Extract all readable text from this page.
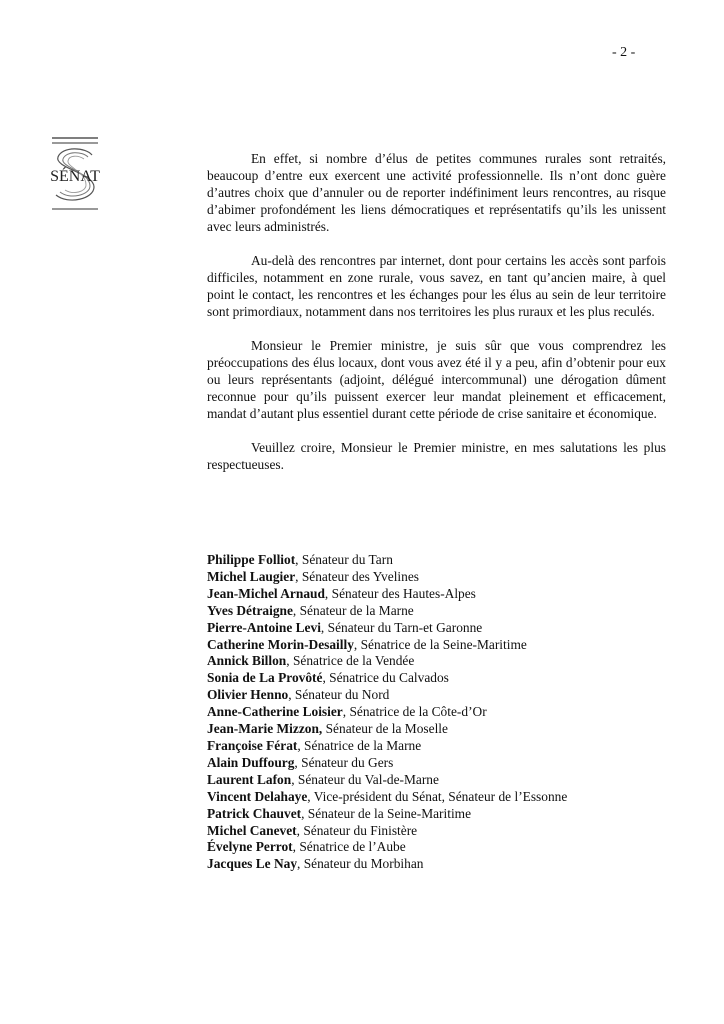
- 2 -
SÉNAT

En effet, si nombre d’élus de petites communes rurales sont retraités, beaucoup d’entre eux exercent une activité professionnelle. Ils n’ont donc guère d’autres choix que d’annuler ou de reporter indéfiniment leurs rencontres, au risque d’abimer profondément les liens démocratiques et représentatifs qu’ils les unissent avec leurs administrés.

Au-delà des rencontres par internet, dont pour certains les accès sont parfois difficiles, notamment en zone rurale, vous savez, en tant qu’ancien maire, à quel point le contact, les rencontres et les échanges pour les élus au sein de leur territoire sont primordiaux, notamment dans nos territoires les plus ruraux et les plus reculés.

Monsieur le Premier ministre, je suis sûr que vous comprendrez les préoccupations des élus locaux, dont vous avez été il y a peu, afin d’obtenir pour eux ou leurs représentants (adjoint, délégué intercommunal) une dérogation dûment reconnue pour qu’ils puissent exercer leur mandat pleinement et efficacement, mandat d’autant plus essentiel durant cette période de crise sanitaire et économique.

Veuillez croire, Monsieur le Premier ministre, en mes salutations les plus respectueuses.

Philippe Folliot, Sénateur du Tarn
Michel Laugier, Sénateur des Yvelines
Jean-Michel Arnaud, Sénateur des Hautes-Alpes
Yves Détraigne, Sénateur de la Marne
Pierre-Antoine Levi, Sénateur du Tarn-et Garonne
Catherine Morin-Desailly, Sénatrice de la Seine-Maritime
Annick Billon, Sénatrice de la Vendée
Sonia de La Provôté, Sénatrice du Calvados
Olivier Henno, Sénateur du Nord
Anne-Catherine Loisier, Sénatrice de la Côte-d’Or
Jean-Marie Mizzon, Sénateur de la Moselle
Françoise Férat, Sénatrice de la Marne
Alain Duffourg, Sénateur du Gers
Laurent Lafon, Sénateur du Val-de-Marne
Vincent Delahaye, Vice-président du Sénat, Sénateur de l’Essonne
Patrick Chauvet, Sénateur de la Seine-Maritime
Michel Canevet, Sénateur du Finistère
Évelyne Perrot, Sénatrice de l’Aube
Jacques Le Nay, Sénateur du Morbihan
